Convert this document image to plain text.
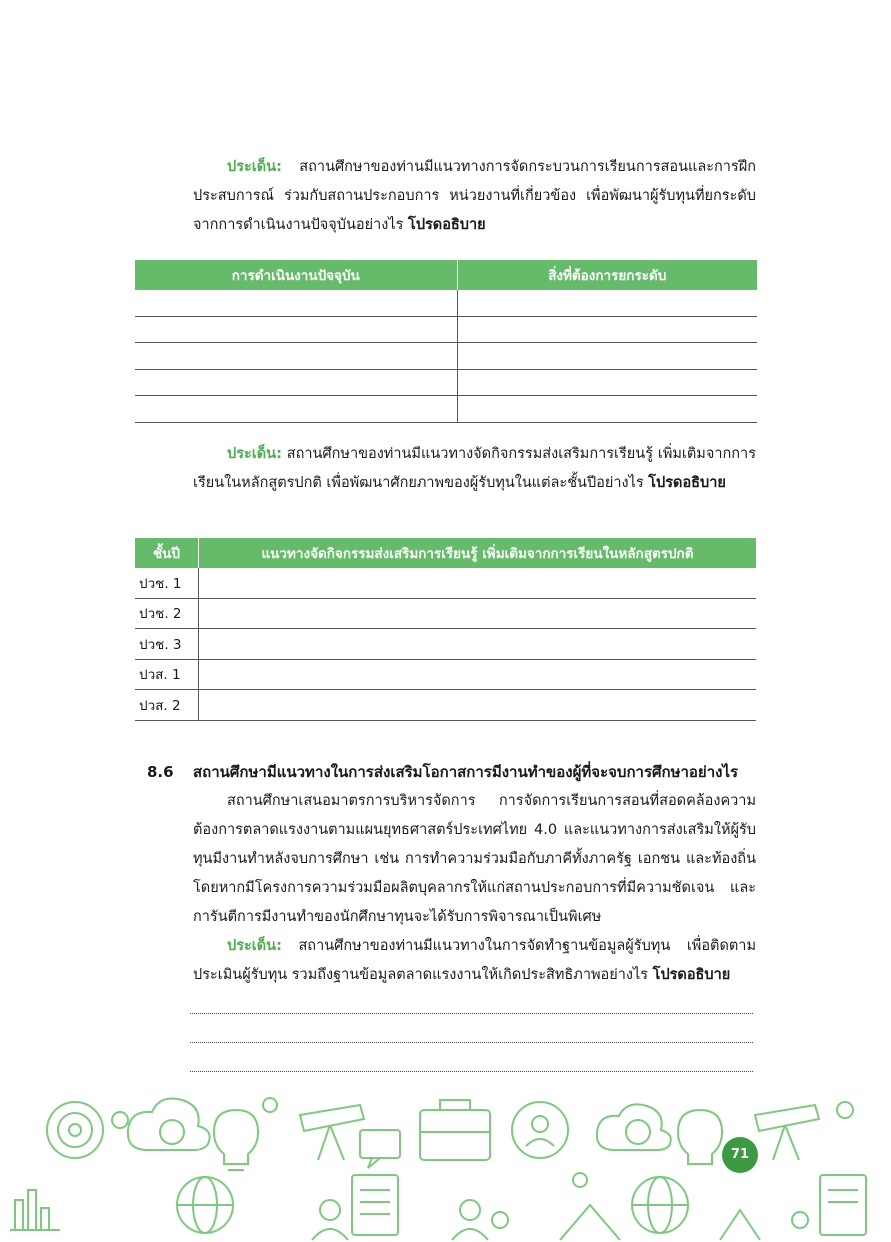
ประเด็น: สถานศึกษาของท่านมีแนวทางการจัดกระบวนการเรียนการสอนและการฝึกประสบการณ์ ร่วมกับสถานประกอบการ หน่วยงานที่เกี่ยวข้อง เพื่อพัฒนาผู้รับทุนที่ยกระดับจากการดำเนินงานปัจจุบันอย่างไร โปรดอธิบาย
การดำเนินงานปัจจุบัน	สิ่งที่ต้องการยกระดับ

ประเด็น: สถานศึกษาของท่านมีแนวทางจัดกิจกรรมส่งเสริมการเรียนรู้ เพิ่มเติมจากการเรียนในหลักสูตรปกติ เพื่อพัฒนาศักยภาพของผู้รับทุนในแต่ละชั้นปีอย่างไร โปรดอธิบาย
ชั้นปี	แนวทางจัดกิจกรรมส่งเสริมการเรียนรู้ เพิ่มเติมจากการเรียนในหลักสูตรปกติ
ปวช. 1	
ปวช. 2	
ปวช. 3	
ปวส. 1	
ปวส. 2	
8.6 สถานศึกษามีแนวทางในการส่งเสริมโอกาสการมีงานทำของผู้ที่จะจบการศึกษาอย่างไร
สถานศึกษาเสนอมาตรการบริหารจัดการ การจัดการเรียนการสอนที่สอดคล้องความต้องการตลาดแรงงานตามแผนยุทธศาสตร์ประเทศไทย 4.0 และแนวทางการส่งเสริมให้ผู้รับทุนมีงานทำหลังจบการศึกษา เช่น การทำความร่วมมือกับภาคีทั้งภาครัฐ เอกชน และท้องถิ่น โดยหากมีโครงการความร่วมมือผลิตบุคลากรให้แก่สถานประกอบการที่มีความชัดเจน และการันตีการมีงานทำของนักศึกษาทุนจะได้รับการพิจารณาเป็นพิเศษ
ประเด็น: สถานศึกษาของท่านมีแนวทางในการจัดทำฐานข้อมูลผู้รับทุน เพื่อติดตามประเมินผู้รับทุน รวมถึงฐานข้อมูลตลาดแรงงานให้เกิดประสิทธิภาพอย่างไร โปรดอธิบาย
71
